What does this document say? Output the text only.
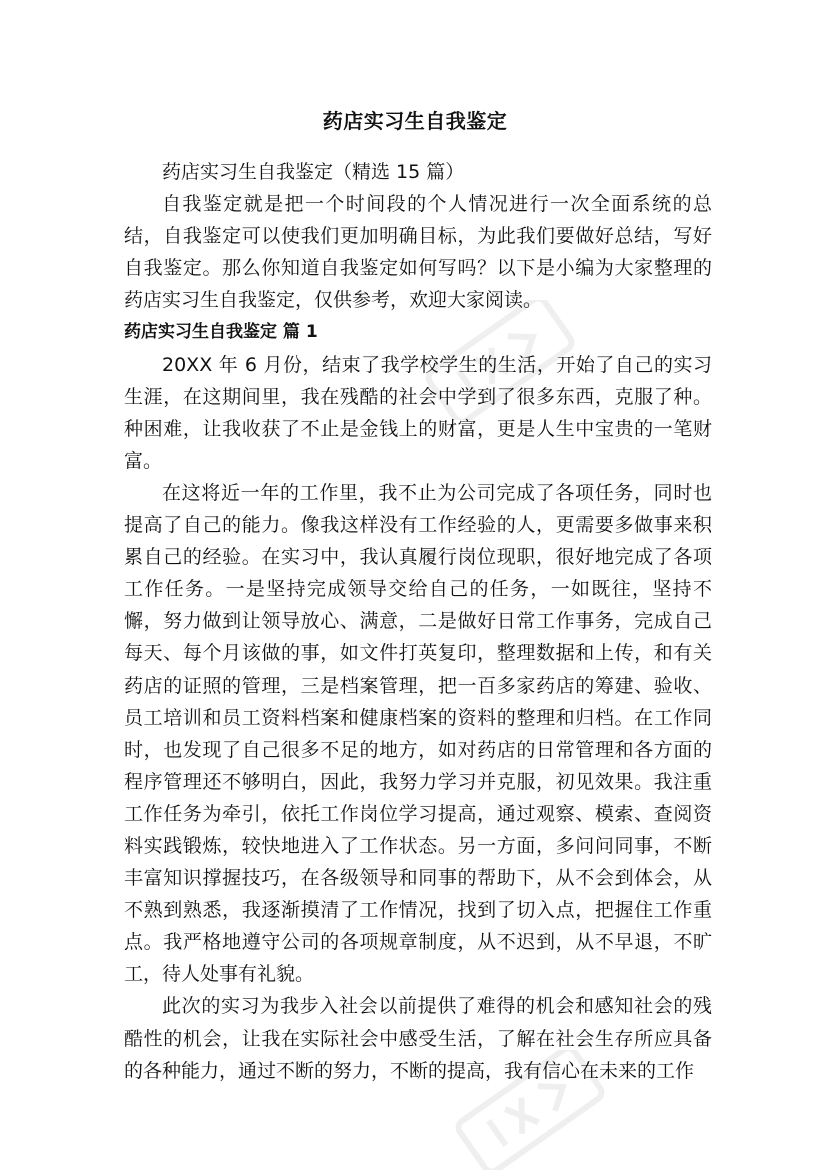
药店实习生自我鉴定

药店实习生自我鉴定（精选 15 篇）

自我鉴定就是把一个时间段的个人情况进行一次全面系统的总结，自我鉴定可以使我们更加明确目标，为此我们要做好总结，写好自我鉴定。那么你知道自我鉴定如何写吗？以下是小编为大家整理的药店实习生自我鉴定，仅供参考，欢迎大家阅读。

药店实习生自我鉴定 篇 1

20XX 年 6 月份，结束了我学校学生的生活，开始了自己的实习生涯，在这期间里，我在残酷的社会中学到了很多东西，克服了种。种困难，让我收获了不止是金钱上的财富，更是人生中宝贵的一笔财富。

在这将近一年的工作里，我不止为公司完成了各项任务，同时也提高了自己的能力。像我这样没有工作经验的人，更需要多做事来积累自己的经验。在实习中，我认真履行岗位现职，很好地完成了各项工作任务。一是坚持完成领导交给自己的任务，一如既往，坚持不懈，努力做到让领导放心、满意，二是做好日常工作事务，完成自己每天、每个月该做的事，如文件打英复印，整理数据和上传，和有关药店的证照的管理，三是档案管理，把一百多家药店的筹建、验收、员工培训和员工资料档案和健康档案的资料的整理和归档。在工作同时，也发现了自己很多不足的地方，如对药店的日常管理和各方面的程序管理还不够明白，因此，我努力学习并克服，初见效果。我注重工作任务为牵引，依托工作岗位学习提高，通过观察、模索、查阅资料实践锻炼，较快地进入了工作状态。另一方面，多问问同事，不断丰富知识撑握技巧，在各级领导和同事的帮助下，从不会到体会，从不熟到熟悉，我逐渐摸清了工作情况，找到了切入点，把握住工作重点。我严格地遵守公司的各项规章制度，从不迟到，从不早退，不旷工，待人处事有礼貌。

此次的实习为我步入社会以前提供了难得的机会和感知社会的残酷性的机会，让我在实际社会中感受生活，了解在社会生存所应具备的各种能力，通过不断的努力，不断的提高，我有信心在未来的工作
